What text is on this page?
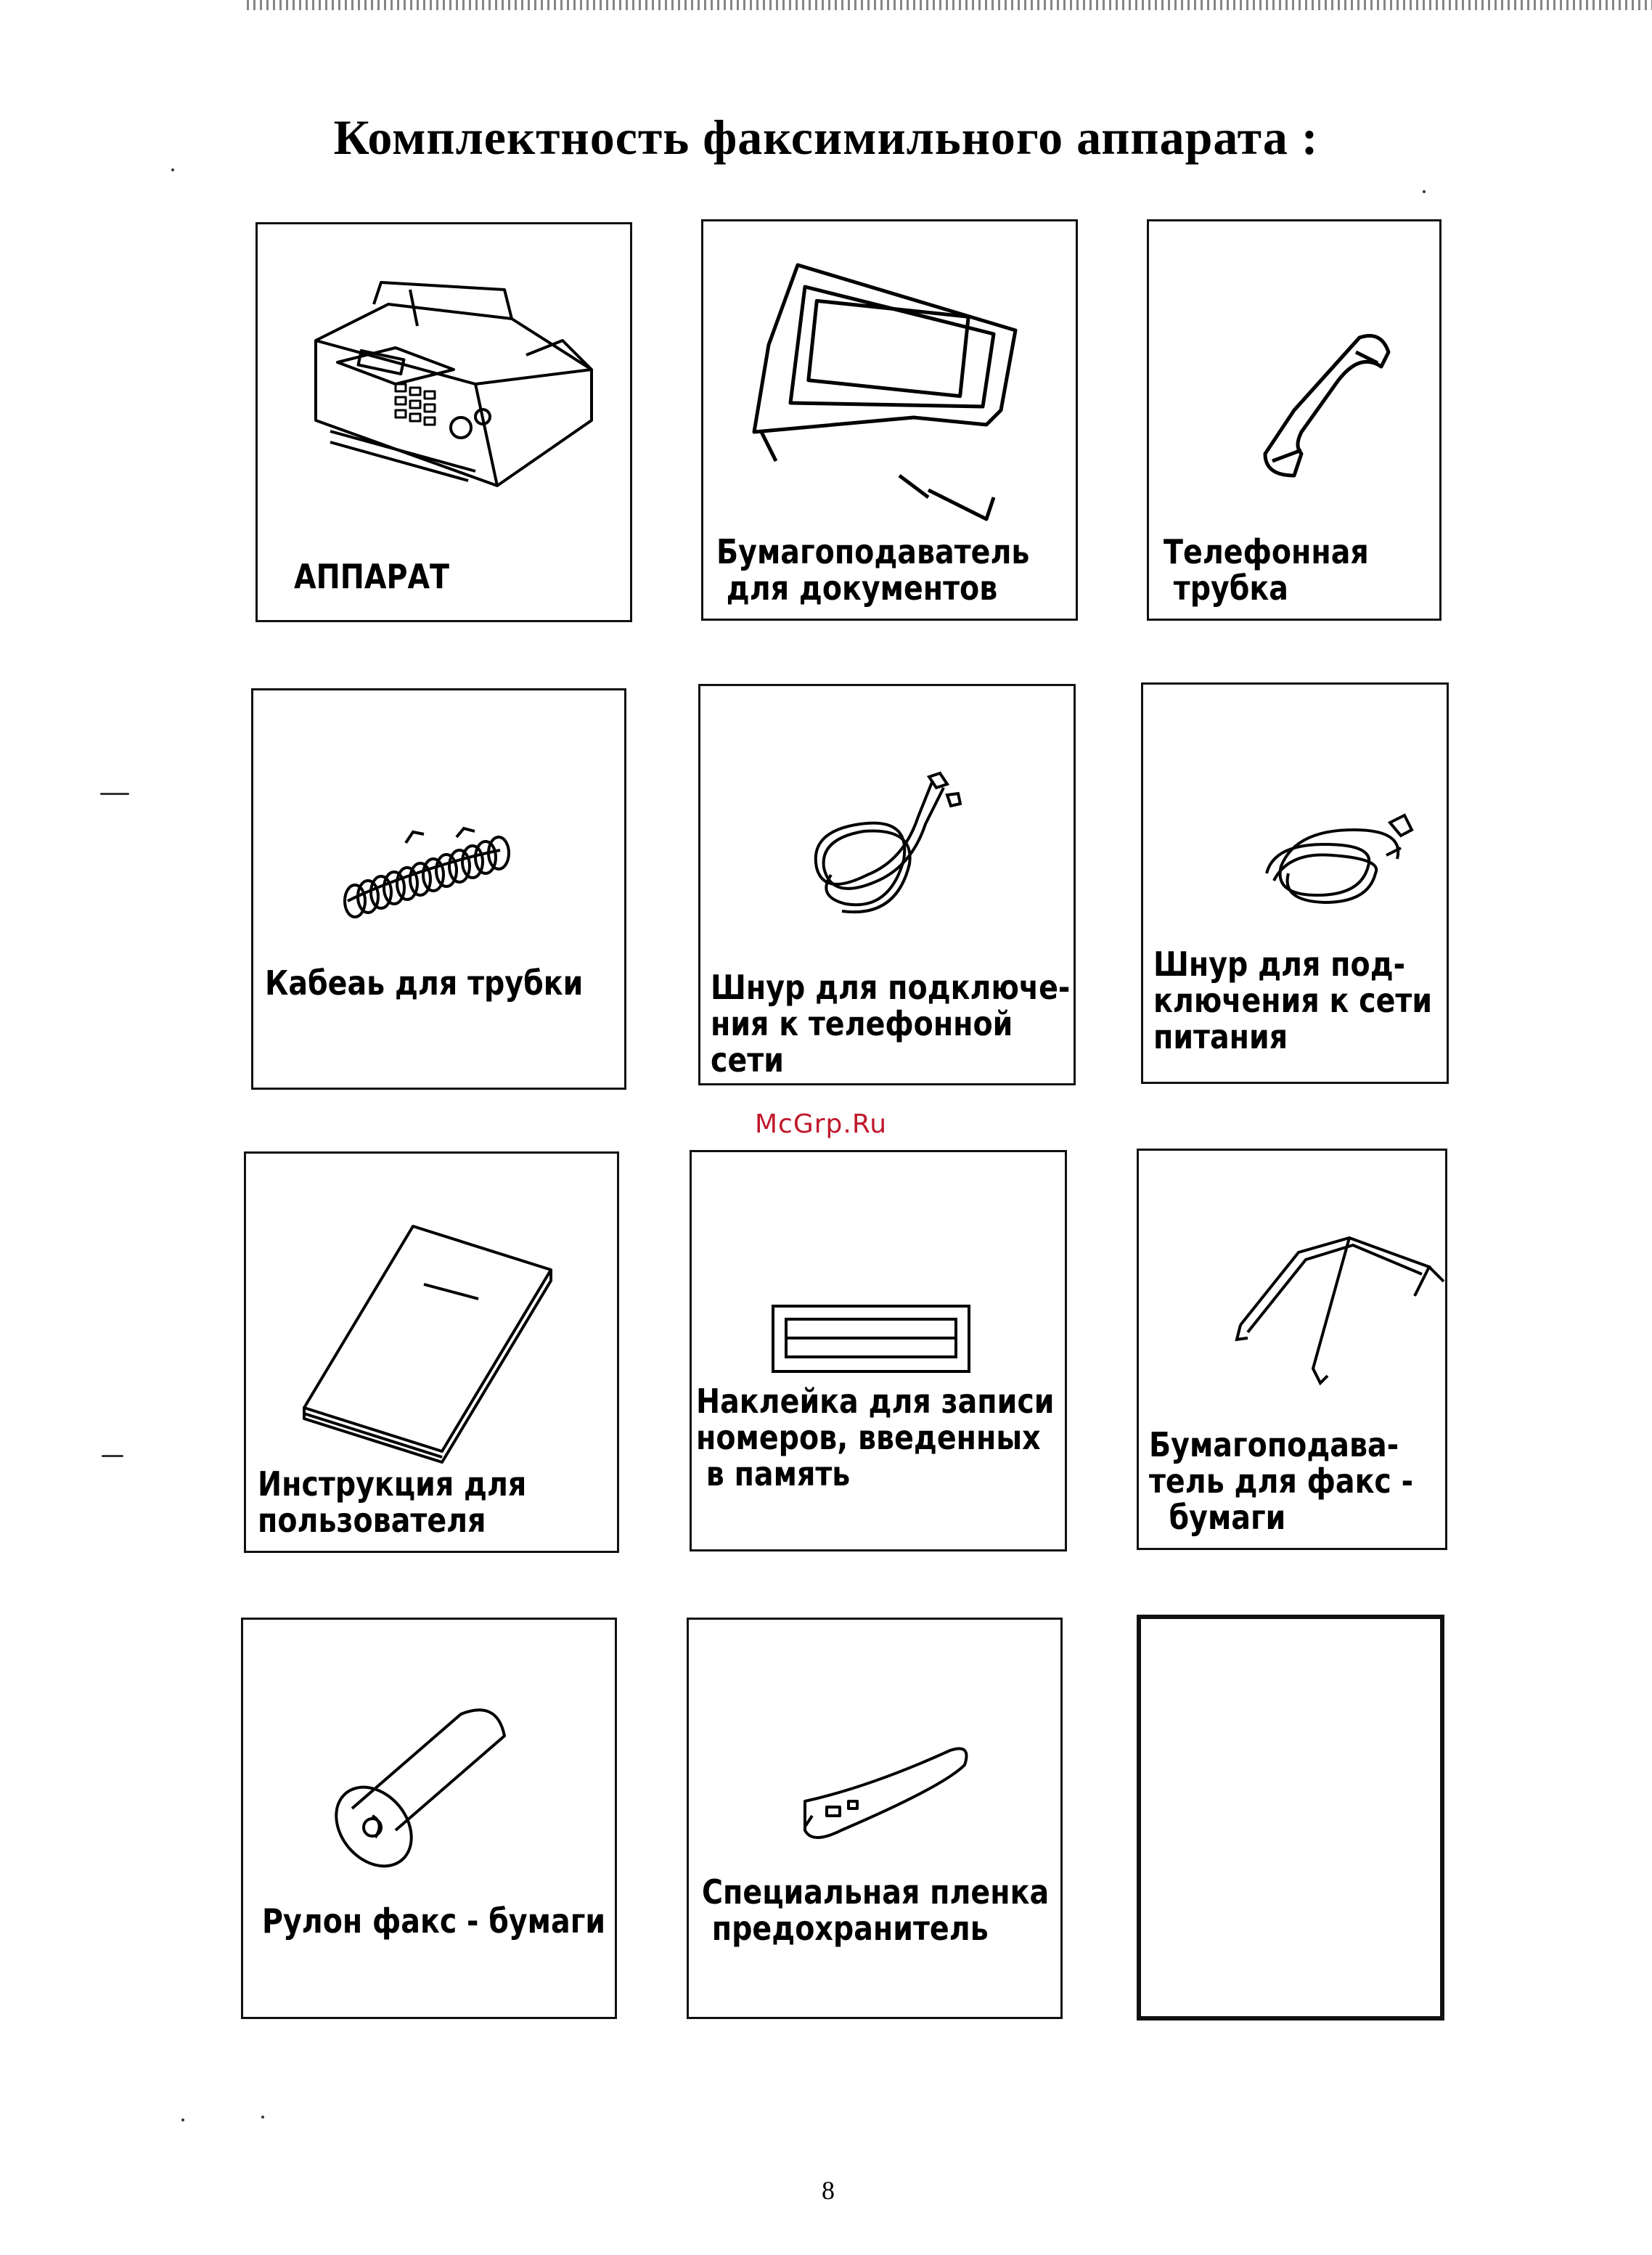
Комплектность факсимильного аппарата :
АППАРАТ
Бумагоподаватель
для документов
Телефонная
трубка
Кабеаь для трубки	Шнур для подключе-
ния к телефонной
сети
Шнур для под-
ключения к сети
питания
Инструкция для
пользователя
Наклейка для записи
номеров, введенных
в память
Бумагоподава-
тель для факс -
бумаги
Рулон факс - бумаги
Специальная пленка
предохранитель
McGrp.Ru
8
